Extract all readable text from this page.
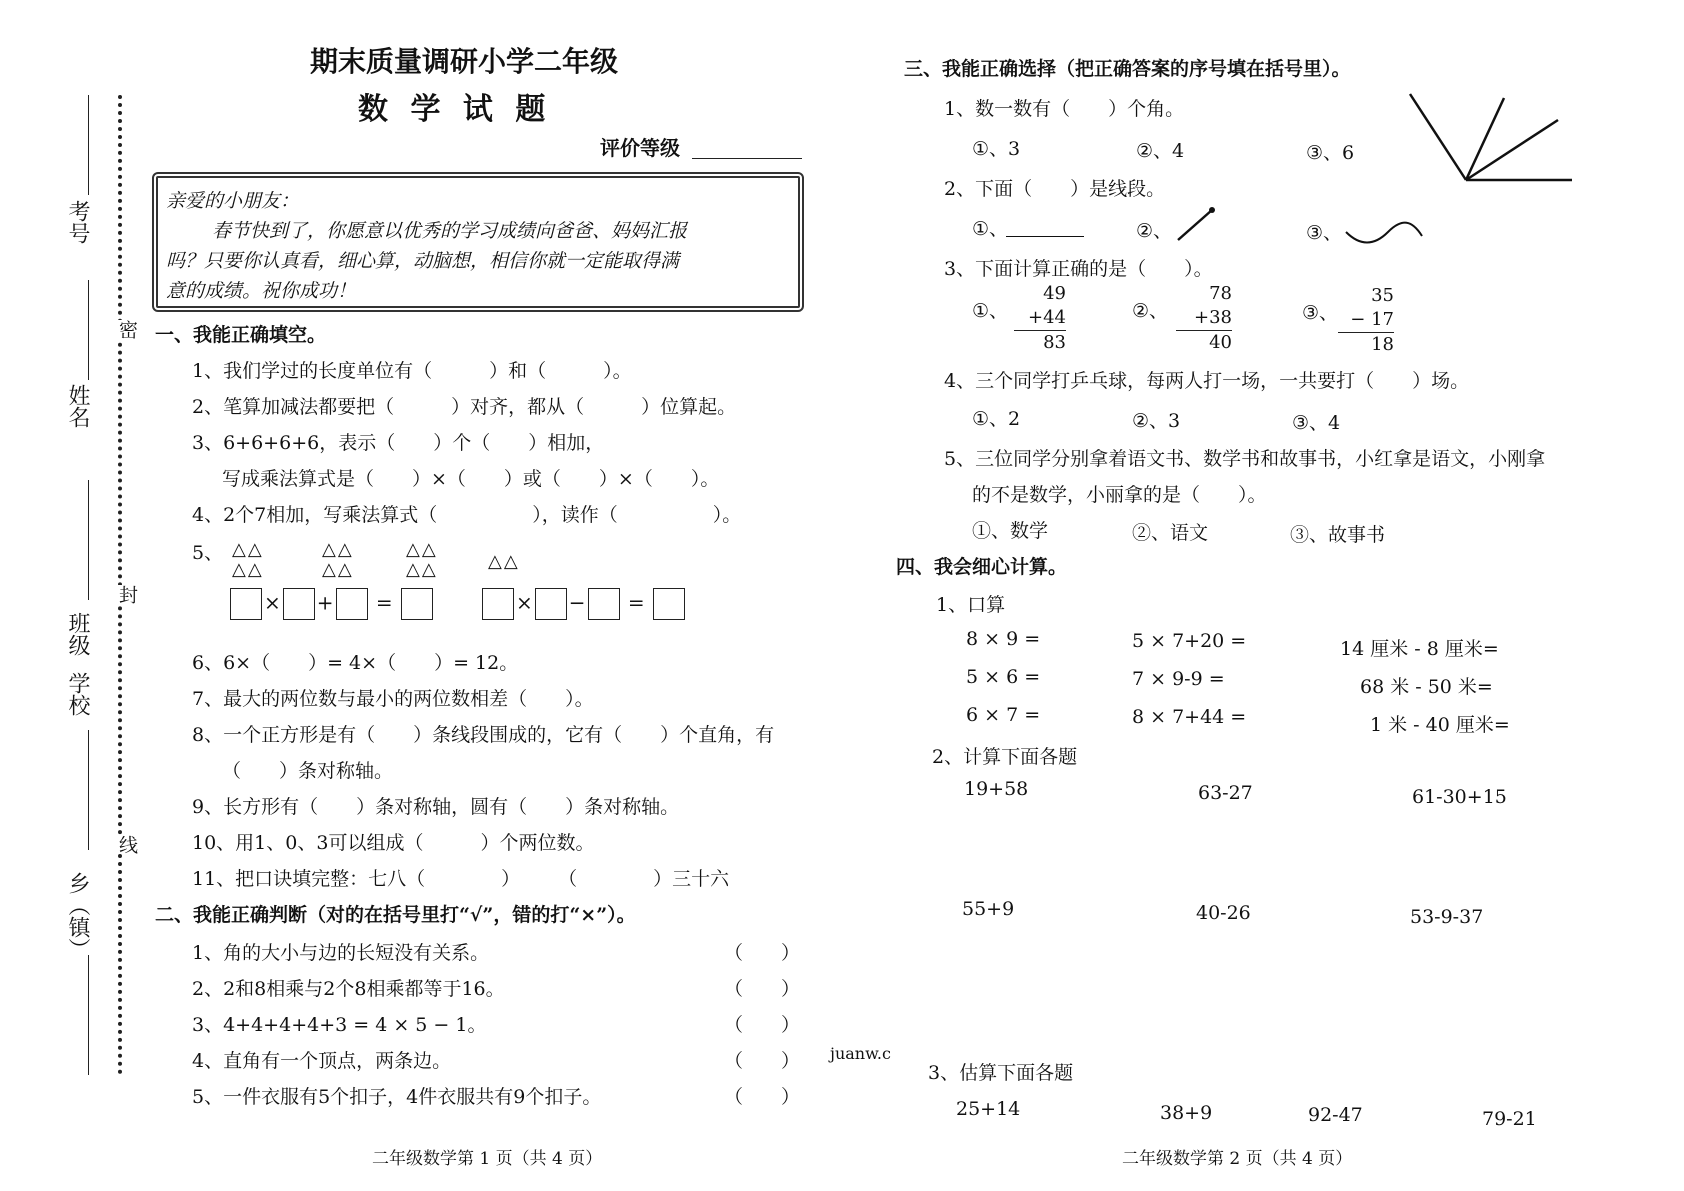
考号
姓名
班级
学校
乡（镇）
密
封
线
期末质量调研小学二年级
数 学 试 题
评价等级
亲爱的小朋友：
春节快到了，你愿意以优秀的学习成绩向爸爸、妈妈汇报
吗？只要你认真看，细心算，动脑想，相信你就一定能取得满
意的成绩。祝你成功！
一、我能正确填空。
1、我们学过的长度单位有（　　　）和（　　　）。
2、笔算加减法都要把（　　　）对齐，都从（　　　）位算起。
3、6+6+6+6，表示（　　）个（　　）相加，
写成乘法算式是（　　）×（　　）或（　　）×（　　）。
4、2个7相加，写乘法算式（　　　　　），读作（　　　　　）。
5、 △△
△△
△△
△△
△△
△△	△△
× + =	× − =
6、6×（　　）= 4×（　　）= 12。
7、最大的两位数与最小的两位数相差（　　）。
8、一个正方形是有（　　）条线段围成的，它有（　　）个直角，有
（　　）条对称轴。
9、长方形有（　　）条对称轴，圆有（　　）条对称轴。
10、用1、0、3可以组成（　　　）个两位数。
11、把口诀填完整：七八（　　　　）　　　（　　　　）三十六
二、我能正确判断（对的在括号里打“√”，错的打“×”）。
1、角的大小与边的长短没有关系。	（　　）
2、2和8相乘与2个8相乘都等于16。	（　　）
3、4+4+4+4+3 = 4 × 5 − 1。	（　　）
4、直角有一个顶点，两条边。	（　　）
5、一件衣服有5个扣子，4件衣服共有9个扣子。	（　　）
二年级数学第 1 页（共 4 页）
三、我能正确选择（把正确答案的序号填在括号里）。
1、数一数有（　　）个角。
①、3	②、4	③、6
2、下面（　　）是线段。
①、	②、	③、
3、下面计算正确的是（　　）。
①、
49
+44
83
②、
78
+38
40
③、
35
− 17
18
4、三个同学打乒乓球，每两人打一场，一共要打（　　）场。
①、2	②、3	③、4
5、三位同学分别拿着语文书、数学书和故事书，小红拿是语文，小刚拿
的不是数学，小丽拿的是（　　）。
①、数学	②、语文	③、故事书
四、我会细心计算。
1、口算
8 × 9 =	5 × 7+20 =	14 厘米 - 8 厘米=
5 × 6 =	7 × 9-9 =	68 米 - 50 米=
6 × 7 =	8 × 7+44 =	1 米 - 40 厘米=
2、计算下面各题
19+58	63-27	61-30+15
55+9	40-26	53-9-37
juanw.c
3、估算下面各题
25+14	38+9	92-47	79-21
二年级数学第 2 页（共 4 页）
